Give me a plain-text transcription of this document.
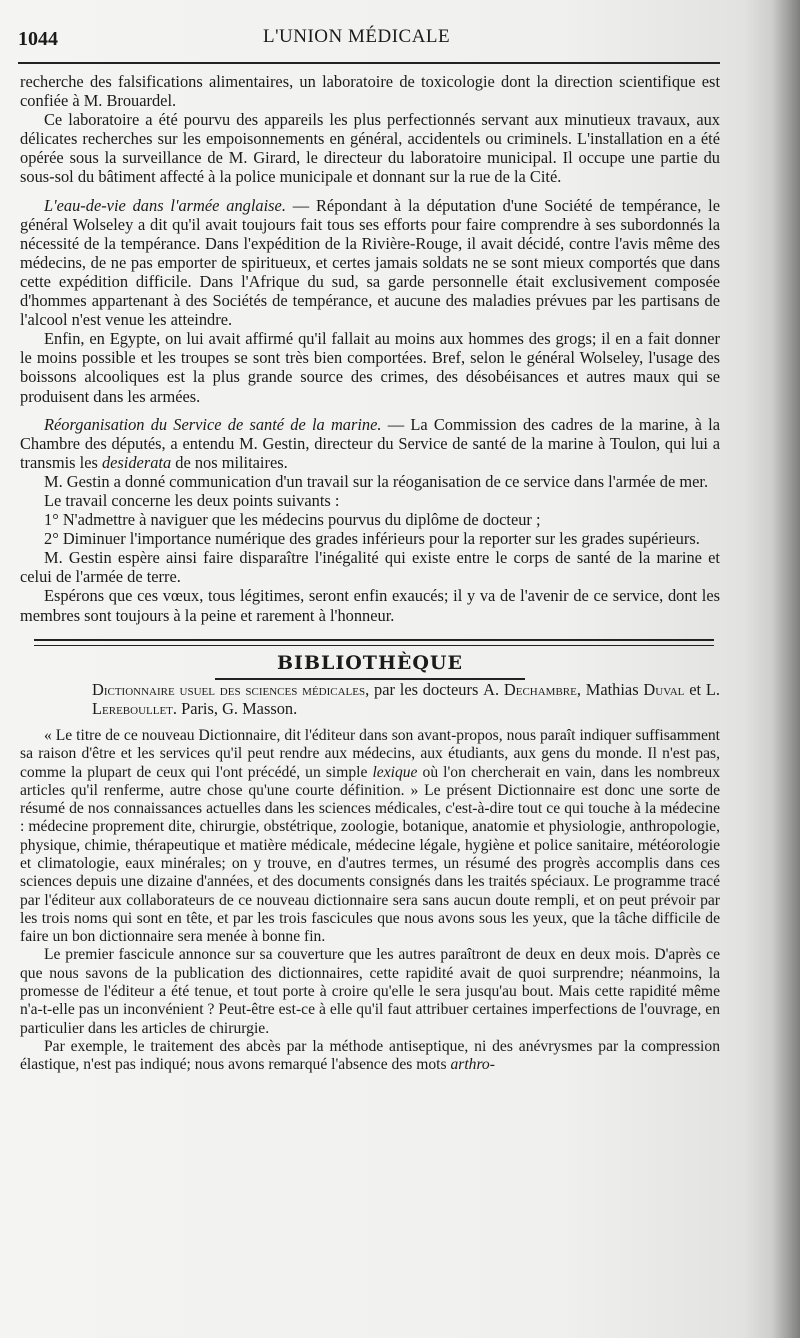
1044	L'UNION MÉDICALE

recherche des falsifications alimentaires, un laboratoire de toxicologie dont la direction scientifique est confiée à M. Brouardel.

Ce laboratoire a été pourvu des appareils les plus perfectionnés servant aux minutieux travaux, aux délicates recherches sur les empoisonnements en général, accidentels ou criminels. L'installation en a été opérée sous la surveillance de M. Girard, le directeur du laboratoire municipal. Il occupe une partie du sous-sol du bâtiment affecté à la police municipale et donnant sur la rue de la Cité.

L'eau-de-vie dans l'armée anglaise. — Répondant à la députation d'une Société de tempérance, le général Wolseley a dit qu'il avait toujours fait tous ses efforts pour faire comprendre à ses subordonnés la nécessité de la tempérance. Dans l'expédition de la Rivière-Rouge, il avait décidé, contre l'avis même des médecins, de ne pas emporter de spiritueux, et certes jamais soldats ne se sont mieux comportés que dans cette expédition difficile. Dans l'Afrique du sud, sa garde personnelle était exclusivement composée d'hommes appartenant à des Sociétés de tempérance, et aucune des maladies prévues par les partisans de l'alcool n'est venue les atteindre.

Enfin, en Egypte, on lui avait affirmé qu'il fallait au moins aux hommes des grogs; il en a fait donner le moins possible et les troupes se sont très bien comportées. Bref, selon le général Wolseley, l'usage des boissons alcooliques est la plus grande source des crimes, des désobéisances et autres maux qui se produisent dans les armées.

Réorganisation du Service de santé de la marine. — La Commission des cadres de la marine, à la Chambre des députés, a entendu M. Gestin, directeur du Service de santé de la marine à Toulon, qui lui a transmis les desiderata de nos militaires.

M. Gestin a donné communication d'un travail sur la réoganisation de ce service dans l'armée de mer.

Le travail concerne les deux points suivants :

1° N'admettre à naviguer que les médecins pourvus du diplôme de docteur ;

2° Diminuer l'importance numérique des grades inférieurs pour la reporter sur les grades supérieurs.

M. Gestin espère ainsi faire disparaître l'inégalité qui existe entre le corps de santé de la marine et celui de l'armée de terre.

Espérons que ces vœux, tous légitimes, seront enfin exaucés; il y va de l'avenir de ce service, dont les membres sont toujours à la peine et rarement à l'honneur.

BIBLIOTHÈQUE

Dictionnaire usuel des sciences médicales, par les docteurs A. Dechambre, Mathias Duval et L. Lereboullet. Paris, G. Masson.

« Le titre de ce nouveau Dictionnaire, dit l'éditeur dans son avant-propos, nous paraît indiquer suffisamment sa raison d'être et les services qu'il peut rendre aux médecins, aux étudiants, aux gens du monde. Il n'est pas, comme la plupart de ceux qui l'ont précédé, un simple lexique où l'on chercherait en vain, dans les nombreux articles qu'il renferme, autre chose qu'une courte définition. » Le présent Dictionnaire est donc une sorte de résumé de nos connaissances actuelles dans les sciences médicales, c'est-à-dire tout ce qui touche à la médecine : médecine proprement dite, chirurgie, obstétrique, zoologie, botanique, anatomie et physiologie, anthropologie, physique, chimie, thérapeutique et matière médicale, médecine légale, hygiène et police sanitaire, météorologie et climatologie, eaux minérales; on y trouve, en d'autres termes, un résumé des progrès accomplis dans ces sciences depuis une dizaine d'années, et des documents consignés dans les traités spéciaux. Le programme tracé par l'éditeur aux collaborateurs de ce nouveau dictionnaire sera sans aucun doute rempli, et on peut prévoir par les trois noms qui sont en tête, et par les trois fascicules que nous avons sous les yeux, que la tâche difficile de faire un bon dictionnaire sera menée à bonne fin.

Le premier fascicule annonce sur sa couverture que les autres paraîtront de deux en deux mois. D'après ce que nous savons de la publication des dictionnaires, cette rapidité avait de quoi surprendre; néanmoins, la promesse de l'éditeur a été tenue, et tout porte à croire qu'elle le sera jusqu'au bout. Mais cette rapidité même n'a-t-elle pas un inconvénient ? Peut-être est-ce à elle qu'il faut attribuer certaines imperfections de l'ouvrage, en particulier dans les articles de chirurgie.

Par exemple, le traitement des abcès par la méthode antiseptique, ni des anévrysmes par la compression élastique, n'est pas indiqué; nous avons remarqué l'absence des mots arthro-
